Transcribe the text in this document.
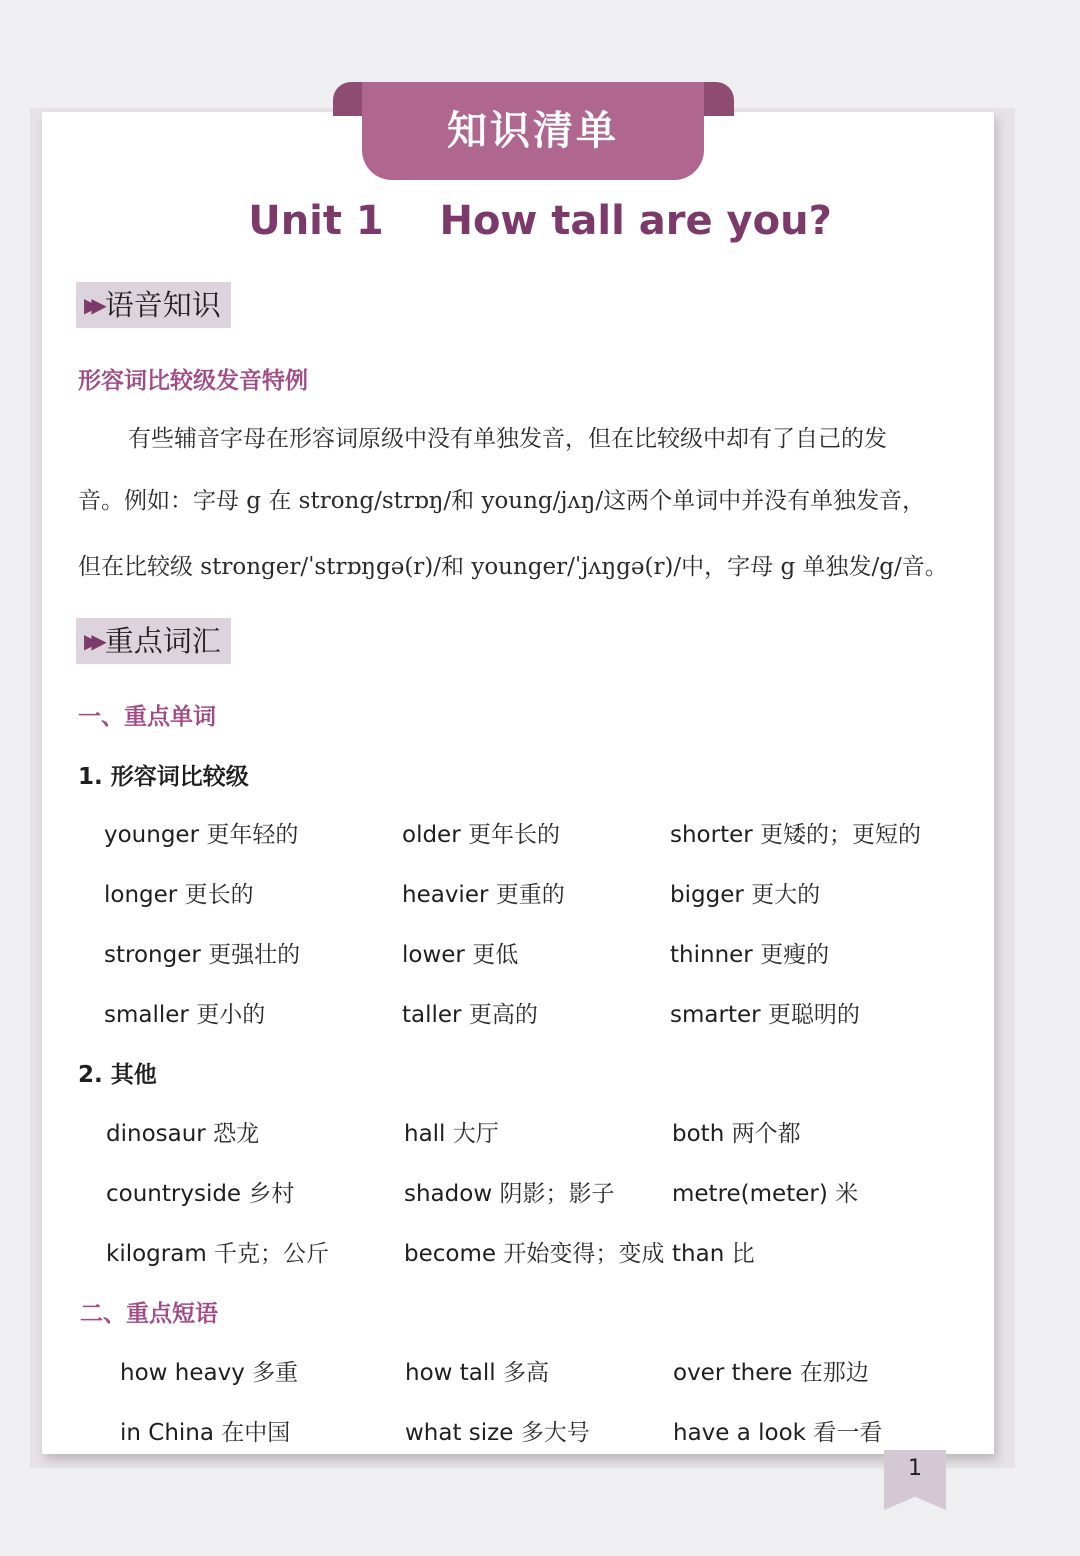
知识清单
Unit 1    How tall are you?
▶▶ 语音知识
形容词比较级发音特例
有些辅音字母在形容词原级中没有单独发音，但在比较级中却有了自己的发
音。例如：字母 g 在 strong/strɒŋ/和 young/jʌŋ/这两个单词中并没有单独发音，
但在比较级 stronger/ˈstrɒŋgə(r)/和 younger/ˈjʌŋgə(r)/中，字母 g 单独发/g/音。
▶▶ 重点词汇
一、重点单词
1. 形容词比较级
younger 更年轻的	older 更年长的	shorter 更矮的；更短的
longer 更长的	heavier 更重的	bigger 更大的
stronger 更强壮的	lower 更低	thinner 更瘦的
smaller 更小的	taller 更高的	smarter 更聪明的
2. 其他
dinosaur 恐龙	hall 大厅	both 两个都
countryside 乡村	shadow 阴影；影子	metre(meter) 米
kilogram 千克；公斤	become 开始变得；变成 than 比
二、重点短语
how heavy 多重	how tall 多高	over there 在那边
in China 在中国	what size 多大号	have a look 看一看
1
